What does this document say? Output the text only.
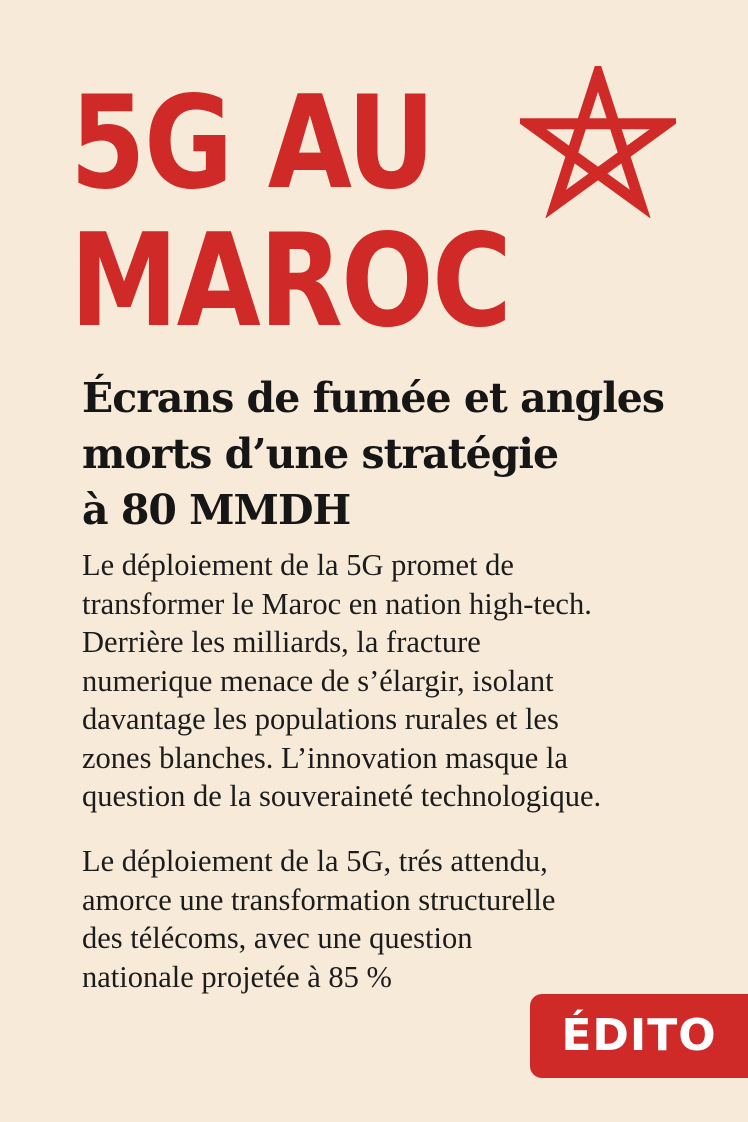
5G AU
MAROC
Écrans de fumée et angles
morts d’une stratégie
à 80 MMDH

Le déploiement de la 5G promet de
transformer le Maroc en nation high-tech.
Derrière les milliards, la fracture
numerique menace de s’élargir, isolant
davantage les populations rurales et les
zones blanches. L’innovation masque la
question de la souveraineté technologique.

Le déploiement de la 5G, trés attendu,
amorce une transformation structurelle
des télécoms, avec une question
nationale projetée à 85 %

ÉDITO
